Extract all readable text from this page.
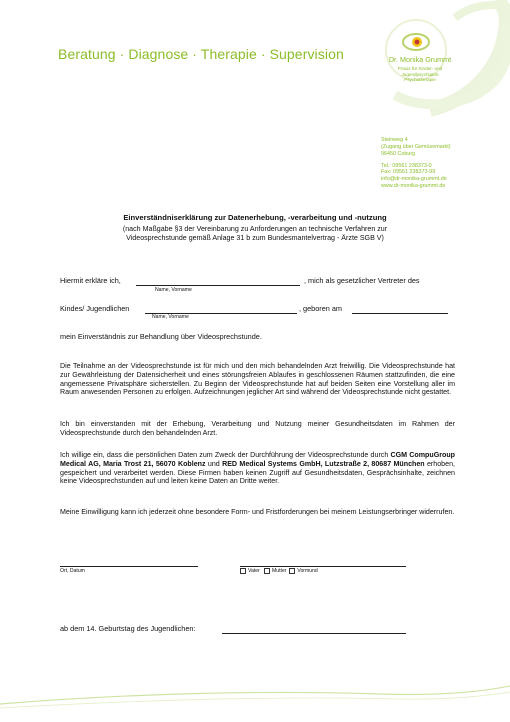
Beratung · Diagnose · Therapie · Supervision	Dr. Monika Grummt
Praxis für Kinder- und
Jugendpsychiatrie
Psychotherapie
Steinweg 4
(Zugang über Gemüsemarkt)
96450 Coburg
Tel.: 09561 238373-0
Fax: 09561 238373-99
info@dr-monika-grummt.de
www.dr-monika-grummt.de
Einverständniserklärung zur Datenerhebung, -verarbeitung und -nutzung
(nach Maßgabe §3 der Vereinbarung zu Anforderungen an technische Verfahren zur
Videosprechstunde gemäß Anlage 31 b zum Bundesmantelvertrag - Ärzte SGB V)
Hiermit erkläre ich,	, mich als gesetzlicher Vertreter des
Name, Vorname
Kindes/ Jugendlichen	, geboren am
Name, Vorname
mein Einverständnis zur Behandlung über Videosprechstunde.
Die Teilnahme an der Videosprechstunde ist für mich und den mich behandelnden Arzt freiwillig. Die Videosprechstunde hat zur Gewährleistung der Datensicherheit und eines störungsfreien Ablaufes in geschlossenen Räumen stattzufinden, die eine angemessene Privatsphäre sicherstellen. Zu Beginn der Videosprechstunde hat auf beiden Seiten eine Vorstellung aller im Raum anwesenden Personen zu erfolgen. Aufzeichnungen jeglicher Art sind während der Videosprechstunde nicht gestattet.
Ich bin einverstanden mit der Erhebung, Verarbeitung und Nutzung meiner Gesundheitsdaten im Rahmen der Videosprechstunde durch den behandelnden Arzt.
Ich willige ein, dass die persönlichen Daten zum Zweck der Durchführung der Videosprechstunde durch CGM CompuGroup Medical AG, Maria Trost 21, 56070 Koblenz und RED Medical Systems GmbH, Lutzstraße 2, 80687 München erhoben, gespeichert und verarbeitet werden. Diese Firmen haben keinen Zugriff auf Gesundheitsdaten, Gesprächsinhalte, zeichnen keine Videosprechstunden auf und leiten keine Daten an Dritte weiter.
Meine Einwilligung kann ich jederzeit ohne besondere Form- und Fristforderungen bei meinem Leistungserbringer widerrufen.
Ort, Datum	Vater Mutter Vormund
ab dem 14. Geburtstag des Jugendlichen:
